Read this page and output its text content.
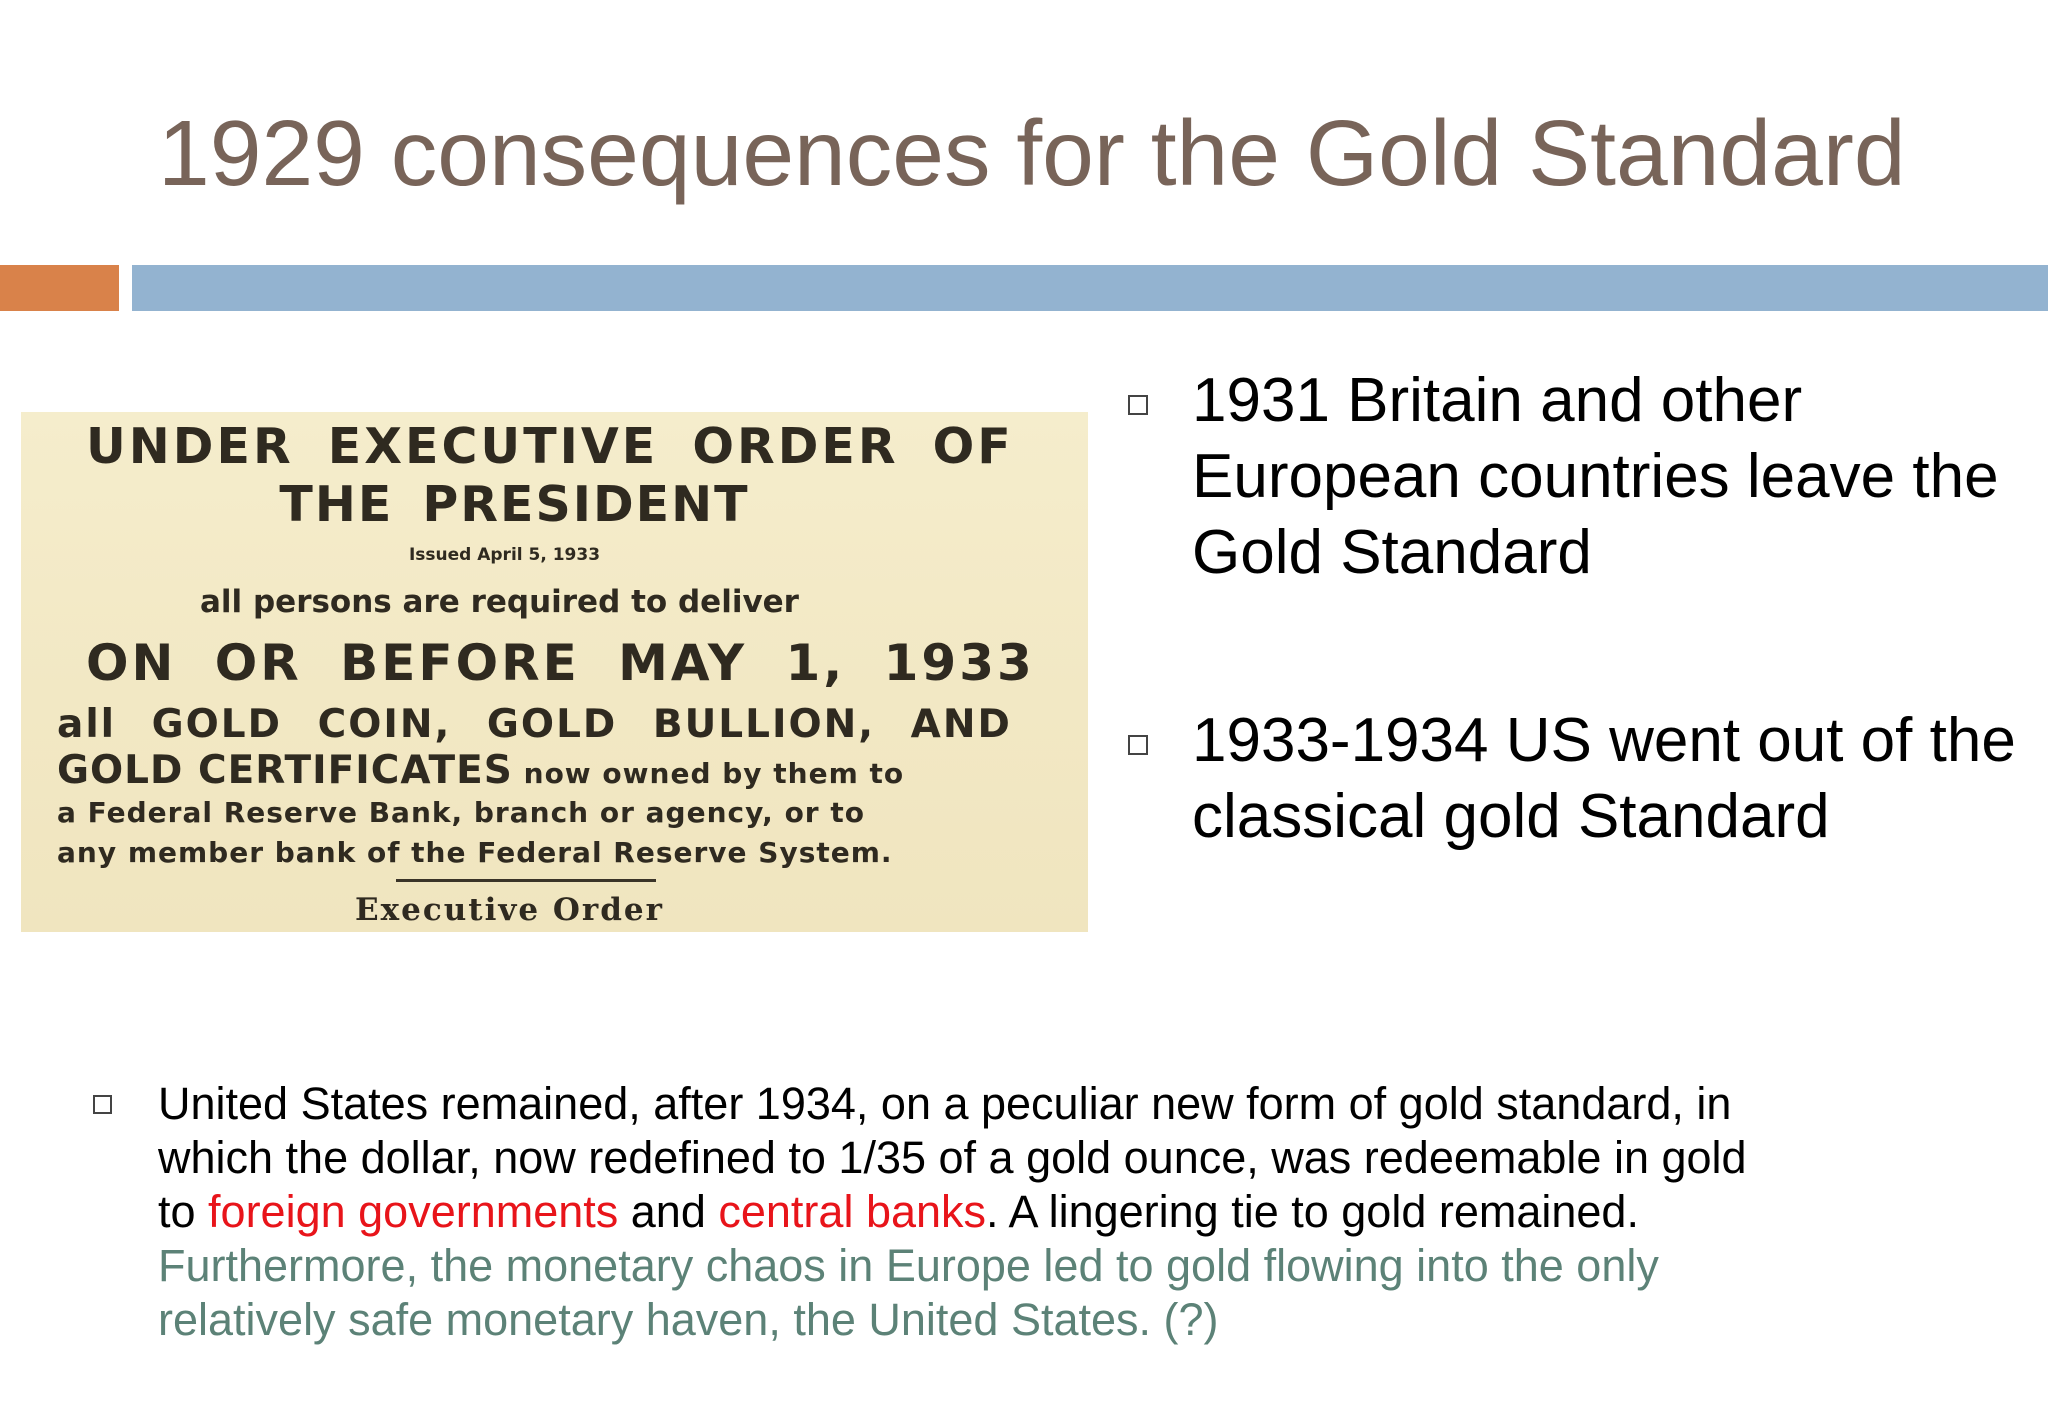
1929 consequences for the Gold Standard
UNDER EXECUTIVE ORDER OF
THE PRESIDENT
Issued April 5, 1933
all persons are required to deliver
ON OR BEFORE MAY 1, 1933
all GOLD COIN, GOLD BULLION, AND
GOLD CERTIFICATES now owned by them to
a Federal Reserve Bank, branch or agency, or to
any member bank of the Federal Reserve System.
Executive Order
1931 Britain and other European countries leave the Gold Standard
1933-1934 US went out of the classical gold Standard
United States remained, after 1934, on a peculiar new form of gold standard, in
which the dollar, now redefined to 1/35 of a gold ounce, was redeemable in gold
to foreign governments and central banks. A lingering tie to gold remained.
Furthermore, the monetary chaos in Europe led to gold flowing into the only
relatively safe monetary haven, the United States. (?)
